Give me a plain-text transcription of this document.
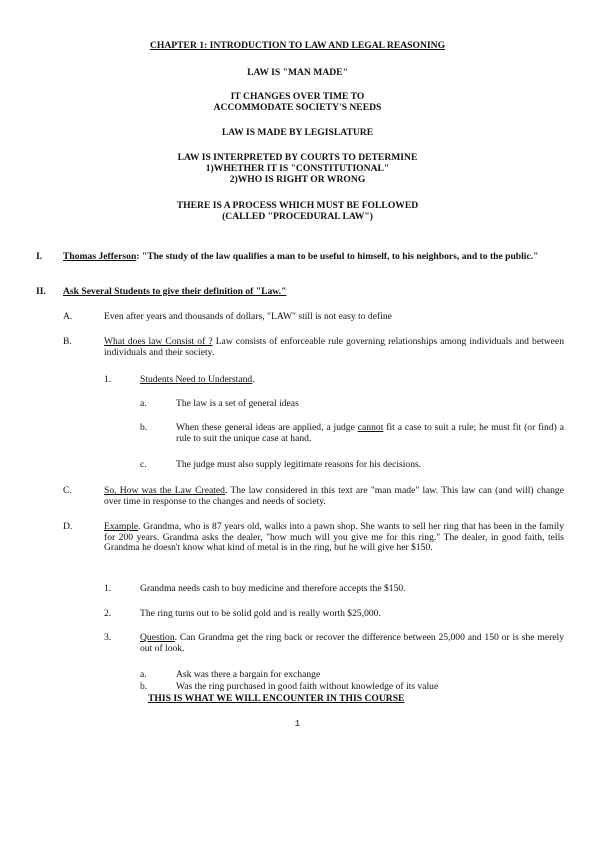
CHAPTER 1: INTRODUCTION TO LAW AND LEGAL REASONING
LAW IS "MAN MADE"
IT CHANGES OVER TIME TO
ACCOMMODATE SOCIETY'S NEEDS
LAW IS MADE BY LEGISLATURE
LAW IS INTERPRETED BY COURTS TO DETERMINE
1)WHETHER IT IS "CONSTITUTIONAL"
2)WHO IS RIGHT OR WRONG
THERE IS A PROCESS WHICH MUST BE FOLLOWED
(CALLED "PROCEDURAL LAW")
I. Thomas Jefferson: "The study of the law qualifies a man to be useful to himself, to his neighbors, and to the public."
II. Ask Several Students to give their definition of "Law."
A.	Even after years and thousands of dollars, "LAW" still is not easy to define
B.	What does law Consist of ? Law consists of enforceable rule governing relationships among individuals and between individuals and their society.
1.	Students Need to Understand.
a.	The law is a set of general ideas
b.	When these general ideas are applied, a judge cannot fit a case to suit a rule; he must fit (or find) a rule to suit the unique case at hand.
c.	The judge must also supply legitimate reasons for his decisions.
C.	So, How was the Law Created. The law considered in this text are "man made" law. This law can (and will) change over time in response to the changes and needs of society.
D.	Example. Grandma, who is 87 years old, walks into a pawn shop. She wants to sell her ring that has been in the family for 200 years. Grandma asks the dealer, "how much will you give me for this ring." The dealer, in good faith, tells Grandma he doesn't know what kind of metal is in the ring, but he will give her $150.
1.	Grandma needs cash to buy medicine and therefore accepts the $150.
2.	The ring turns out to be solid gold and is really worth $25,000.
3.	Question. Can Grandma get the ring back or recover the difference between 25,000 and 150 or is she merely out of look.
a.	Ask was there a bargain for exchange
b.	Was the ring purchased in good faith without knowledge of its value
THIS IS WHAT WE WILL ENCOUNTER IN THIS COURSE
1
